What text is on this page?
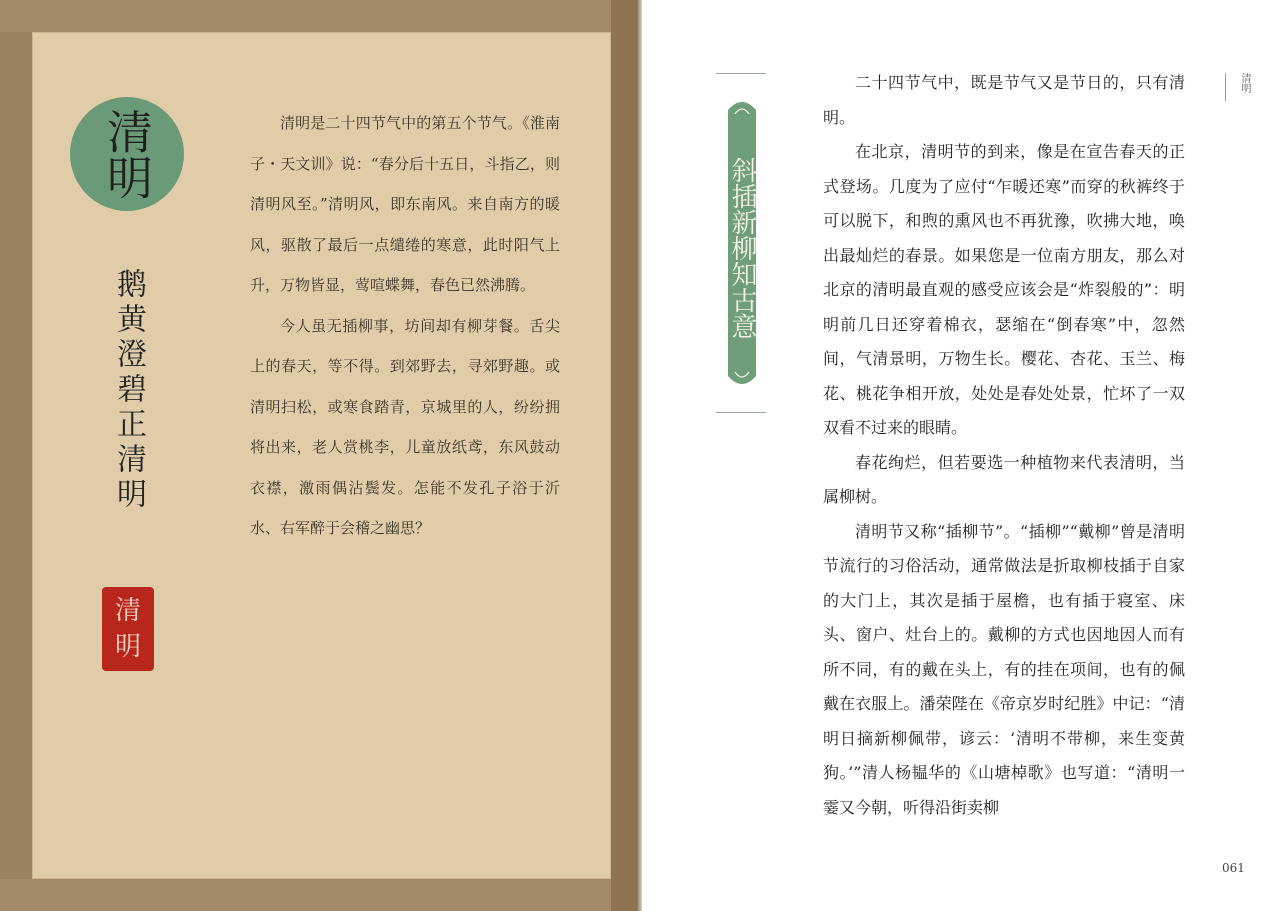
清明
鹅黄澄碧正清明
清
明

清明是二十四节气中的第五个节气。《淮南子・天文训》说：“春分后十五日，斗指乙，则清明风至。”清明风，即东南风。来自南方的暖风，驱散了最后一点缱绻的寒意，此时阳气上升，万物皆显，莺喧蝶舞，春色已然沸腾。

今人虽无插柳事，坊间却有柳芽餐。舌尖上的春天，等不得。到郊野去，寻郊野趣。或清明扫松，或寒食踏青，京城里的人，纷纷拥将出来，老人赏桃李，儿童放纸鸢，东风鼓动衣襟，激雨偶沾鬓发。怎能不发孔子浴于沂水、右军醉于会稽之幽思？

斜插新柳知古意

二十四节气中，既是节气又是节日的，只有清明。

在北京，清明节的到来，像是在宣告春天的正式登场。几度为了应付“乍暖还寒”而穿的秋裤终于可以脱下，和煦的熏风也不再犹豫，吹拂大地，唤出最灿烂的春景。如果您是一位南方朋友，那么对北京的清明最直观的感受应该会是“炸裂般的”：明明前几日还穿着棉衣，瑟缩在“倒春寒”中，忽然间，气清景明，万物生长。樱花、杏花、玉兰、梅花、桃花争相开放，处处是春处处景，忙坏了一双双看不过来的眼睛。

春花绚烂，但若要选一种植物来代表清明，当属柳树。

清明节又称“插柳节”。“插柳”“戴柳”曾是清明节流行的习俗活动，通常做法是折取柳枝插于自家的大门上，其次是插于屋檐，也有插于寝室、床头、窗户、灶台上的。戴柳的方式也因地因人而有所不同，有的戴在头上，有的挂在项间，也有的佩戴在衣服上。潘荣陛在《帝京岁时纪胜》中记：“清明日摘新柳佩带，谚云：‘清明不带柳，来生变黄狗。’”清人杨韫华的《山塘棹歌》也写道：“清明一霎又今朝，听得沿街卖柳

清明
061
